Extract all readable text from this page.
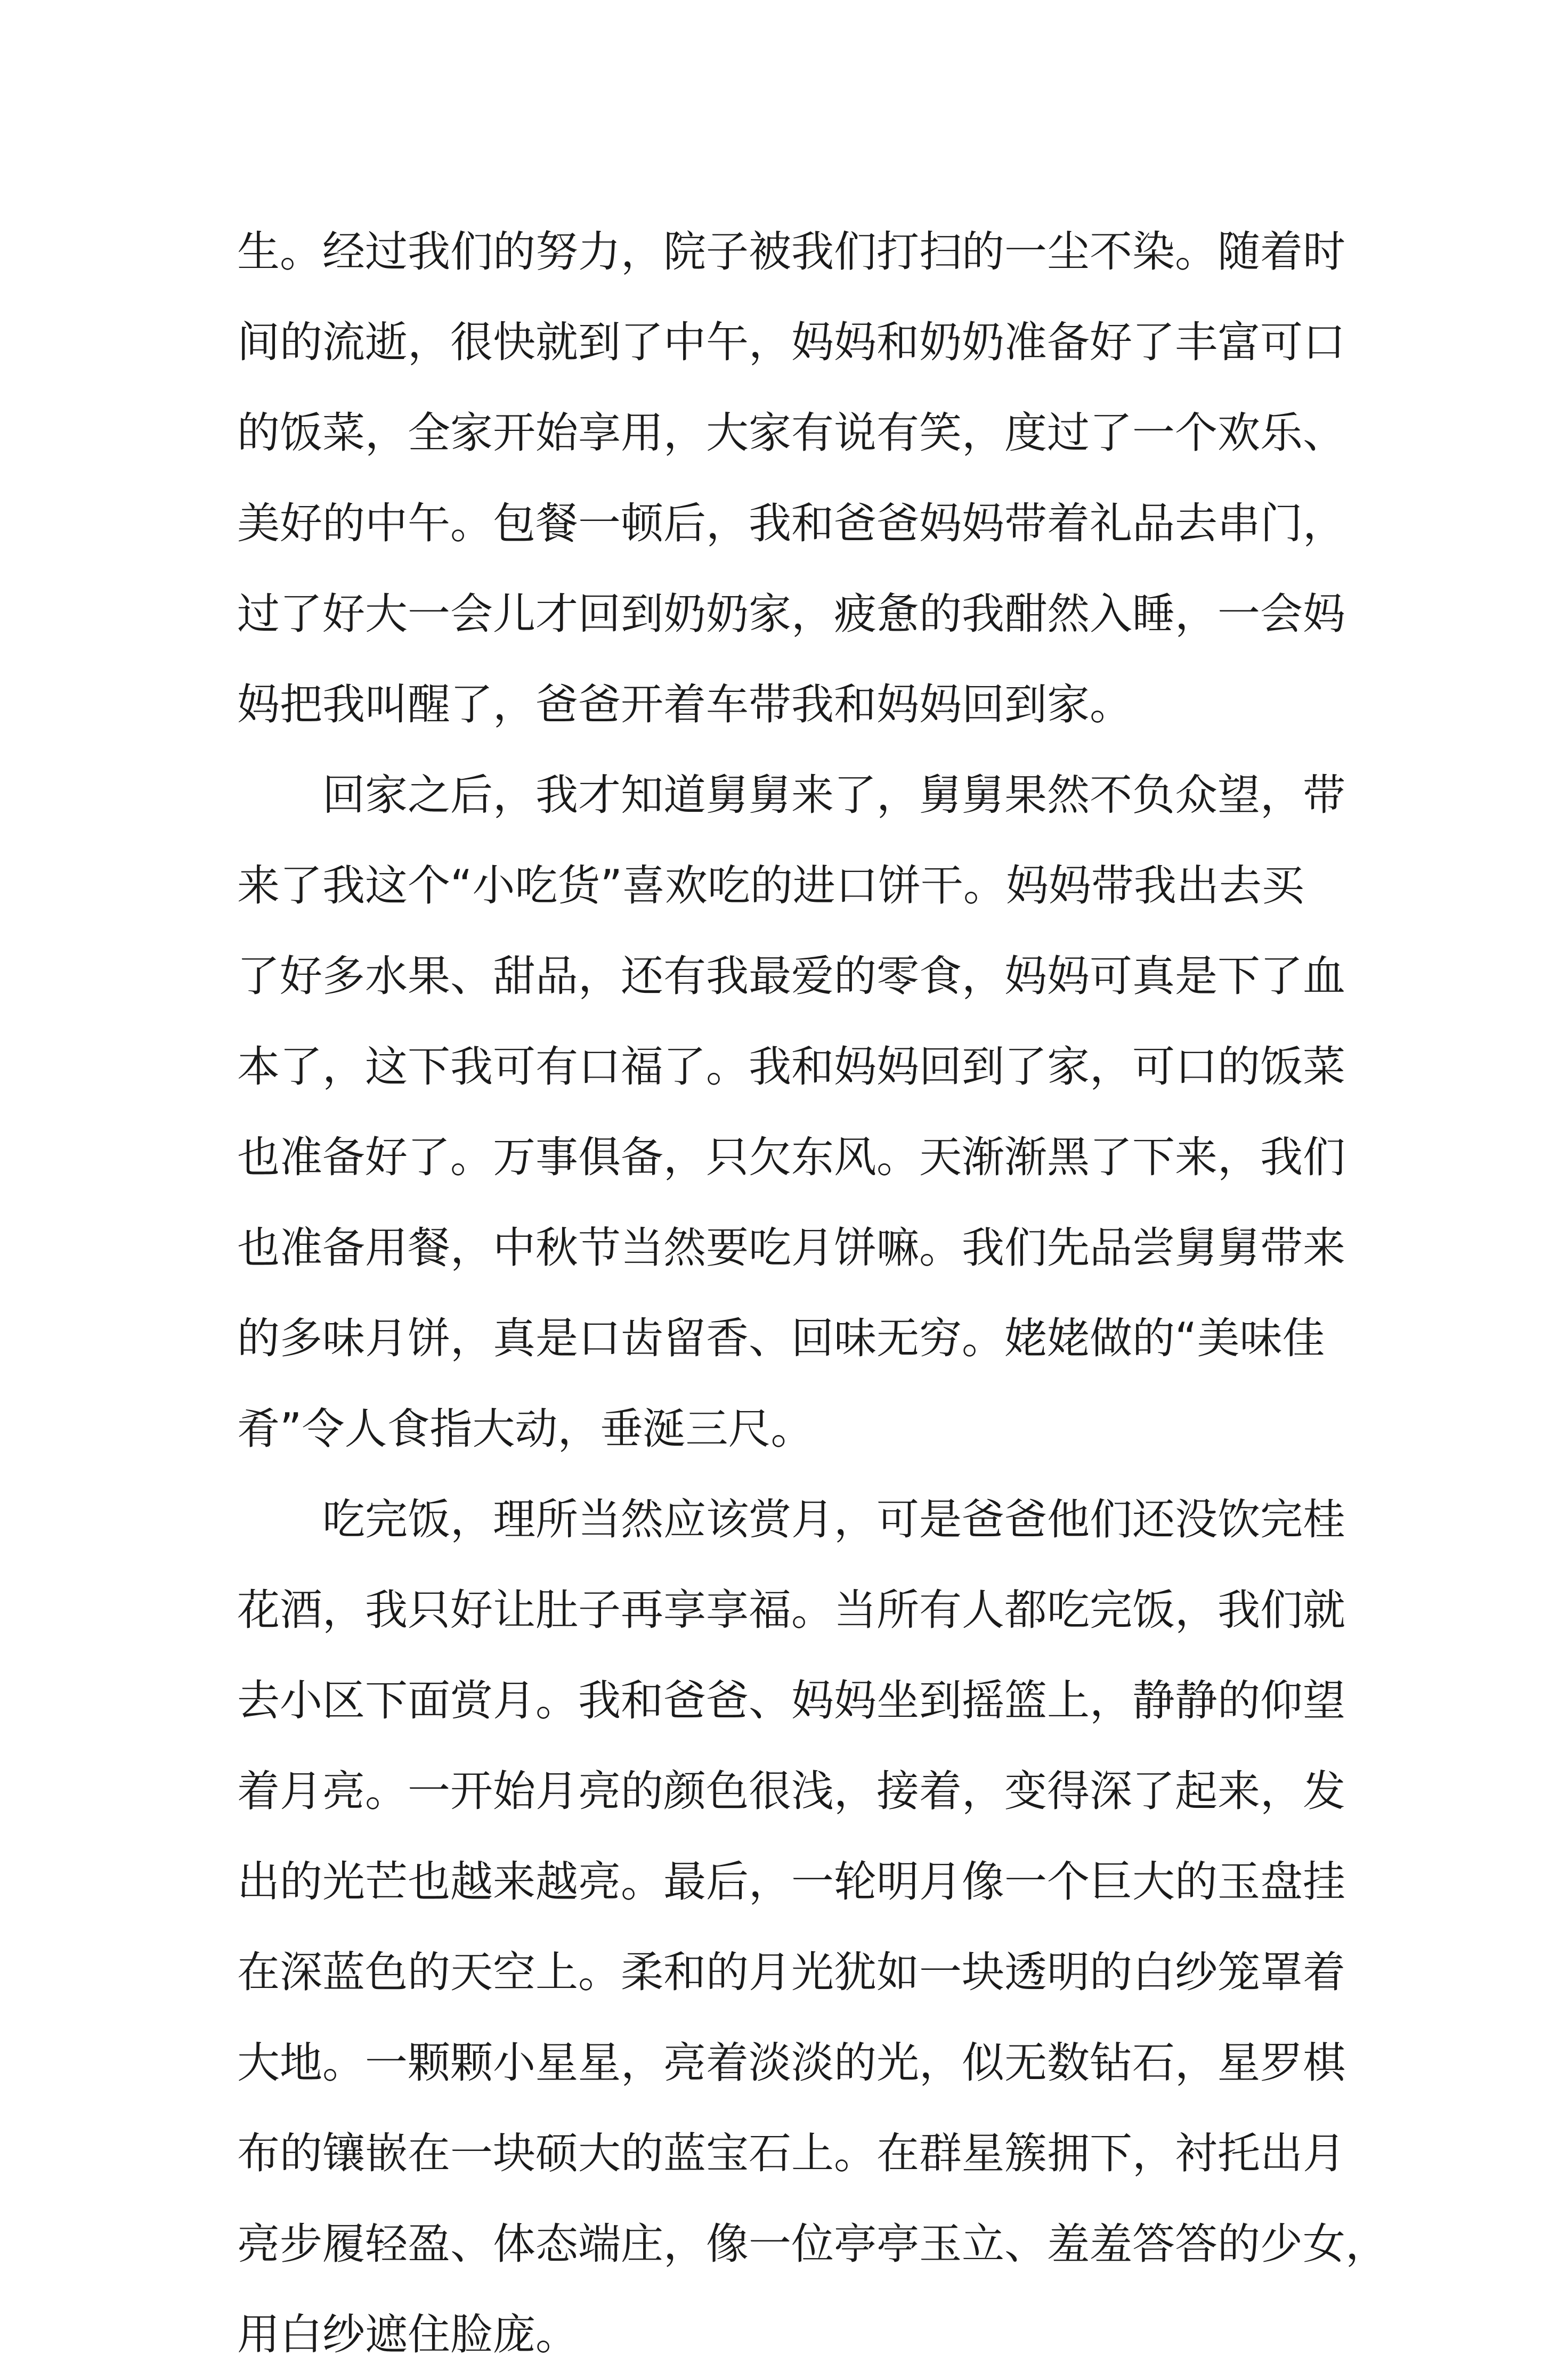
生。经过我们的努力，院子被我们打扫的一尘不染。随着时
间的流逝，很快就到了中午，妈妈和奶奶准备好了丰富可口
的饭菜，全家开始享用，大家有说有笑，度过了一个欢乐、
美好的中午。包餐一顿后，我和爸爸妈妈带着礼品去串门，
过了好大一会儿才回到奶奶家，疲惫的我酣然入睡，一会妈
妈把我叫醒了，爸爸开着车带我和妈妈回到家。
回家之后，我才知道舅舅来了，舅舅果然不负众望，带
来了我这个“小吃货”喜欢吃的进口饼干。妈妈带我出去买
了好多水果、甜品，还有我最爱的零食，妈妈可真是下了血
本了，这下我可有口福了。我和妈妈回到了家，可口的饭菜
也准备好了。万事俱备，只欠东风。天渐渐黑了下来，我们
也准备用餐，中秋节当然要吃月饼嘛。我们先品尝舅舅带来
的多味月饼，真是口齿留香、回味无穷。姥姥做的“美味佳
肴”令人食指大动，垂涎三尺。
吃完饭，理所当然应该赏月，可是爸爸他们还没饮完桂
花酒，我只好让肚子再享享福。当所有人都吃完饭，我们就
去小区下面赏月。我和爸爸、妈妈坐到摇篮上，静静的仰望
着月亮。一开始月亮的颜色很浅，接着，变得深了起来，发
出的光芒也越来越亮。最后，一轮明月像一个巨大的玉盘挂
在深蓝色的天空上。柔和的月光犹如一块透明的白纱笼罩着
大地。一颗颗小星星，亮着淡淡的光，似无数钻石，星罗棋
布的镶嵌在一块硕大的蓝宝石上。在群星簇拥下，衬托出月
亮步履轻盈、体态端庄，像一位亭亭玉立、羞羞答答的少女，
用白纱遮住脸庞。
